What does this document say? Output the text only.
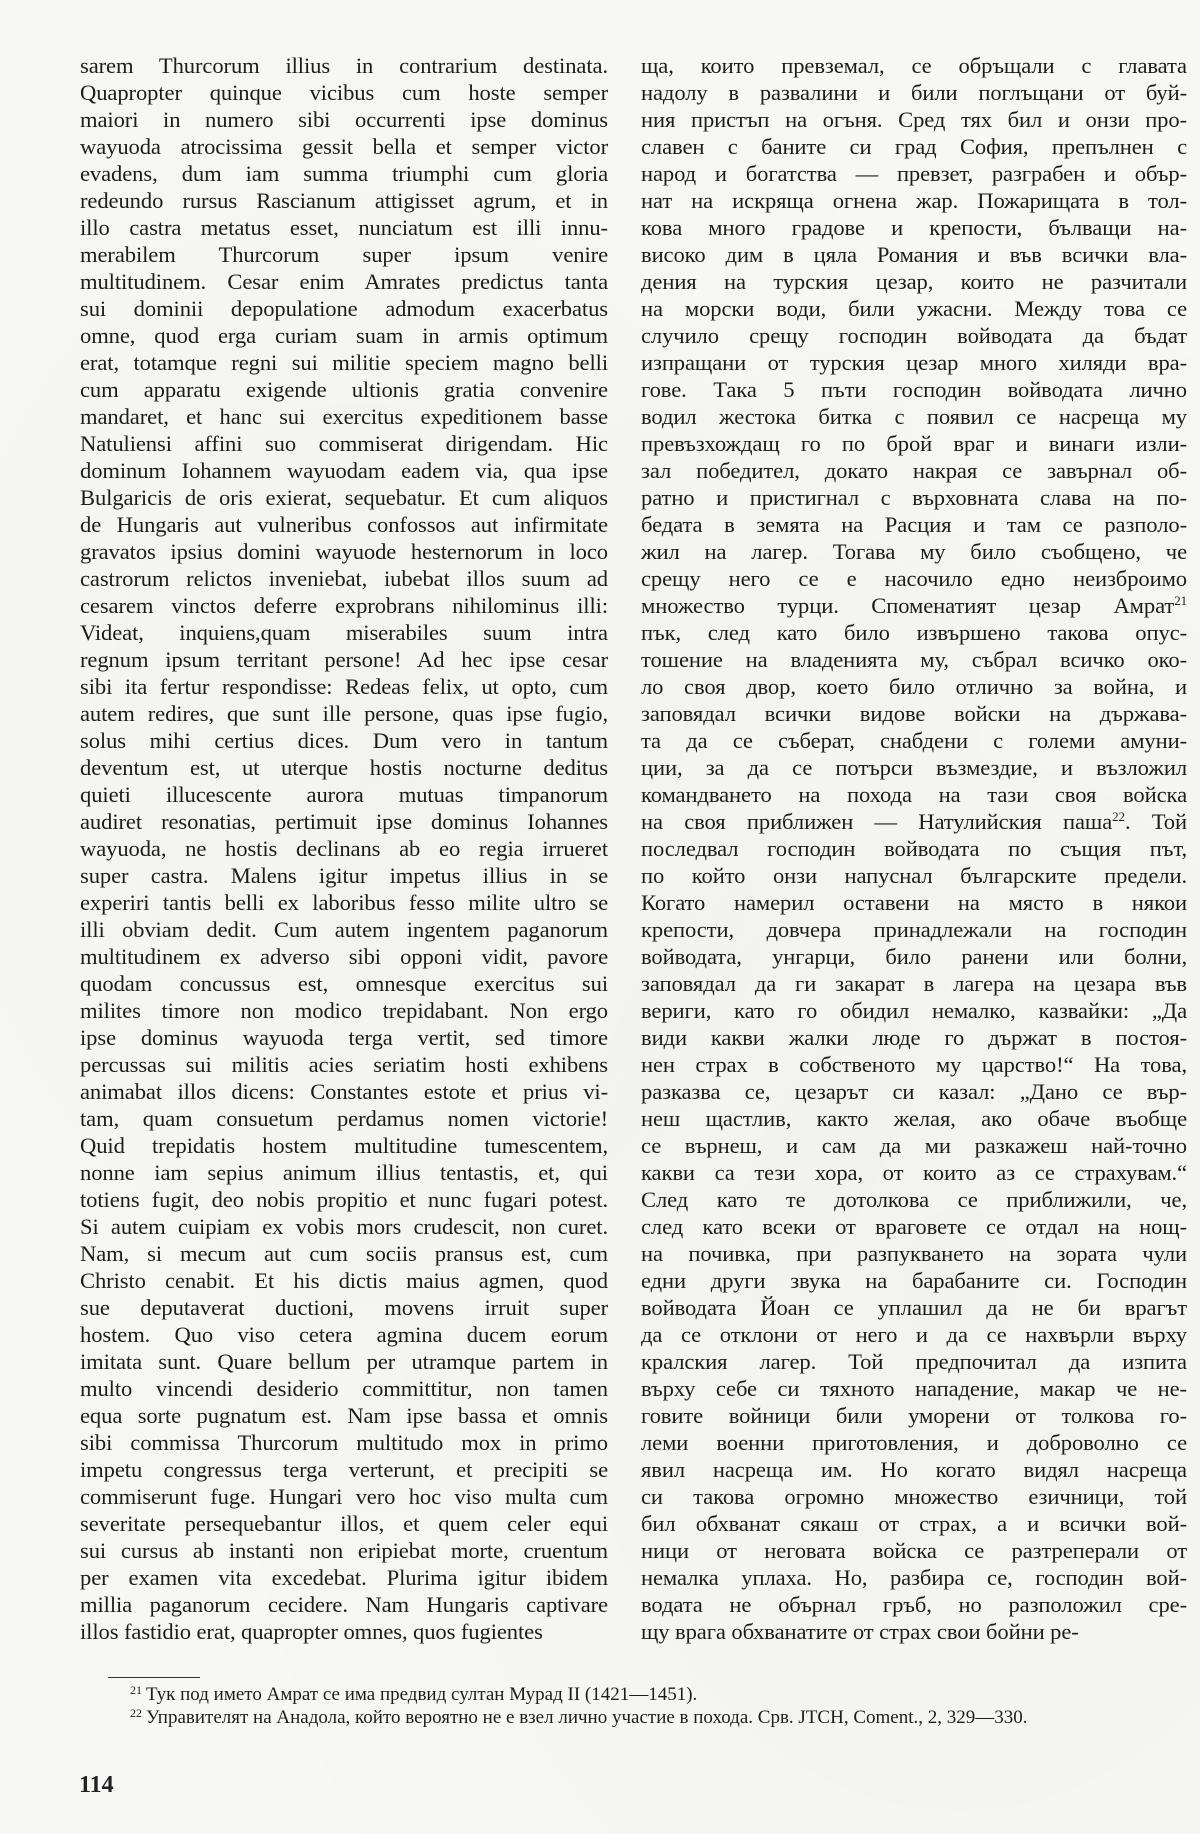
sarem Thurcorum illius in contrarium destinata.
Quapropter quinque vicibus cum hoste semper
maiori in numero sibi occurrenti ipse dominus
wayuoda atrocissima gessit bella et semper victor
evadens, dum iam summa triumphi cum gloria
redeundo rursus Rascianum attigisset agrum, et in
illo castra metatus esset, nunciatum est illi innu-
merabilem Thurcorum super ipsum venire
multitudinem. Cesar enim Amrates predictus tanta
sui dominii depopulatione admodum exacerbatus
omne, quod erga curiam suam in armis optimum
erat, totamque regni sui militie speciem magno belli
cum apparatu exigende ultionis gratia convenire
mandaret, et hanc sui exercitus expeditionem basse
Natuliensi affini suo commiserat dirigendam. Hic
dominum Iohannem wayuodam eadem via, qua ipse
Bulgaricis de oris exierat, sequebatur. Et cum aliquos
de Hungaris aut vulneribus confossos aut infirmitate
gravatos ipsius domini wayuode hesternorum in loco
castrorum relictos inveniebat, iubebat illos suum ad
cesarem vinctos deferre exprobrans nihilominus illi:
Videat, inquiens,quam miserabiles suum intra
regnum ipsum territant persone! Ad hec ipse cesar
sibi ita fertur respondisse: Redeas felix, ut opto, cum
autem redires, que sunt ille persone, quas ipse fugio,
solus mihi certius dices. Dum vero in tantum
deventum est, ut uterque hostis nocturne deditus
quieti illucescente aurora mutuas timpanorum
audiret resonatias, pertimuit ipse dominus Iohannes
wayuoda, ne hostis declinans ab eo regia irrueret
super castra. Malens igitur impetus illius in se
experiri tantis belli ex laboribus fesso milite ultro se
illi obviam dedit. Cum autem ingentem paganorum
multitudinem ex adverso sibi opponi vidit, pavore
quodam concussus est, omnesque exercitus sui
milites timore non modico trepidabant. Non ergo
ipse dominus wayuoda terga vertit, sed timore
percussas sui militis acies seriatim hosti exhibens
animabat illos dicens: Constantes estote et prius vi-
tam, quam consuetum perdamus nomen victorie!
Quid trepidatis hostem multitudine tumescentem,
nonne iam sepius animum illius tentastis, et, qui
totiens fugit, deo nobis propitio et nunc fugari potest.
Si autem cuipiam ex vobis mors crudescit, non curet.
Nam, si mecum aut cum sociis pransus est, cum
Christo cenabit. Et his dictis maius agmen, quod
sue deputaverat ductioni, movens irruit super
hostem. Quo viso cetera agmina ducem eorum
imitata sunt. Quare bellum per utramque partem in
multo vincendi desiderio committitur, non tamen
equa sorte pugnatum est. Nam ipse bassa et omnis
sibi commissa Thurcorum multitudo mox in primo
impetu congressus terga verterunt, et precipiti se
commiserunt fuge. Hungari vero hoc viso multa cum
severitate persequebantur illos, et quem celer equi
sui cursus ab instanti non eripiebat morte, cruentum
per examen vita excedebat. Plurima igitur ibidem
millia paganorum cecidere. Nam Hungaris captivare
illos fastidio erat, quapropter omnes, quos fugientes
ща, които превземал, се обръщали с главата
надолу в развалини и били поглъщани от буй-
ния пристъп на огъня. Сред тях бил и онзи про-
славен с баните си град София, препълнен с
народ и богатства — превзет, разграбен и обър-
нат на искряща огнена жар. Пожарищата в тол-
кова много градове и крепости, бълващи на-
високо дим в цяла Романия и във всички вла-
дения на турския цезар, които не разчитали
на морски води, били ужасни. Между това се
случило срещу господин войводата да бъдат
изпращани от турския цезар много хиляди вра-
гове. Така 5 пъти господин войводата лично
водил жестока битка с появил се насреща му
превъзхождащ го по брой враг и винаги изли-
зал победител, докато накрая се завърнал об-
ратно и пристигнал с върховната слава на по-
бедата в земята на Расция и там се разполо-
жил на лагер. Тогава му било съобщено, че
срещу него се е насочило едно неизброимо
множество турци. Споменатият цезар Амрат$^{21}$
пък, след като било извършено такова опус-
тошение на владенията му, събрал всичко око-
ло своя двор, което било отлично за война, и
заповядал всички видове войски на държава-
та да се съберат, снабдени с големи амуни-
ции, за да се потърси възмездие, и възложил
командването на похода на тази своя войска
на своя приближен — Натулийския паша$^{22}$. Той
последвал господин войводата по същия път,
по който онзи напуснал българските предели.
Когато намерил оставени на място в някои
крепости, довчера принадлежали на господин
войводата, унгарци, било ранени или болни,
заповядал да ги закарат в лагера на цезара във
вериги, като го обидил немалко, казвайки: „Да
види какви жалки люде го държат в постоя-
нен страх в собственото му царство!“ На това,
разказва се, цезарът си казал: „Дано се вър-
неш щастлив, както желая, ако обаче въобще
се върнеш, и сам да ми разкажеш най-точно
какви са тези хора, от които аз се страхувам.“
След като те дотолкова се приближили, че,
след като всеки от враговете се отдал на нощ-
на почивка, при разпукването на зората чули
едни други звука на барабаните си. Господин
войводата Йоан се уплашил да не би врагът
да се отклони от него и да се нахвърли върху
кралския лагер. Той предпочитал да изпита
върху себе си тяхното нападение, макар че не-
говите войници били уморени от толкова го-
леми военни приготовления, и доброволно се
явил насреща им. Но когато видял насреща
си такова огромно множество езичници, той
бил обхванат сякаш от страх, а и всички вой-
ници от неговата войска се разтреперали от
немалка уплаха. Но, разбира се, господин вой-
водата не обърнал гръб, но разположил сре-
щу врага обхванатите от страх свои бойни ре-
$^{21}$ Тук под името Амрат се има предвид султан Мурад II (1421—1451).
$^{22}$ Управителят на Анадола, който вероятно не е взел лично участие в похода. Срв. JTCH, Coment., 2, 329—330.
114
